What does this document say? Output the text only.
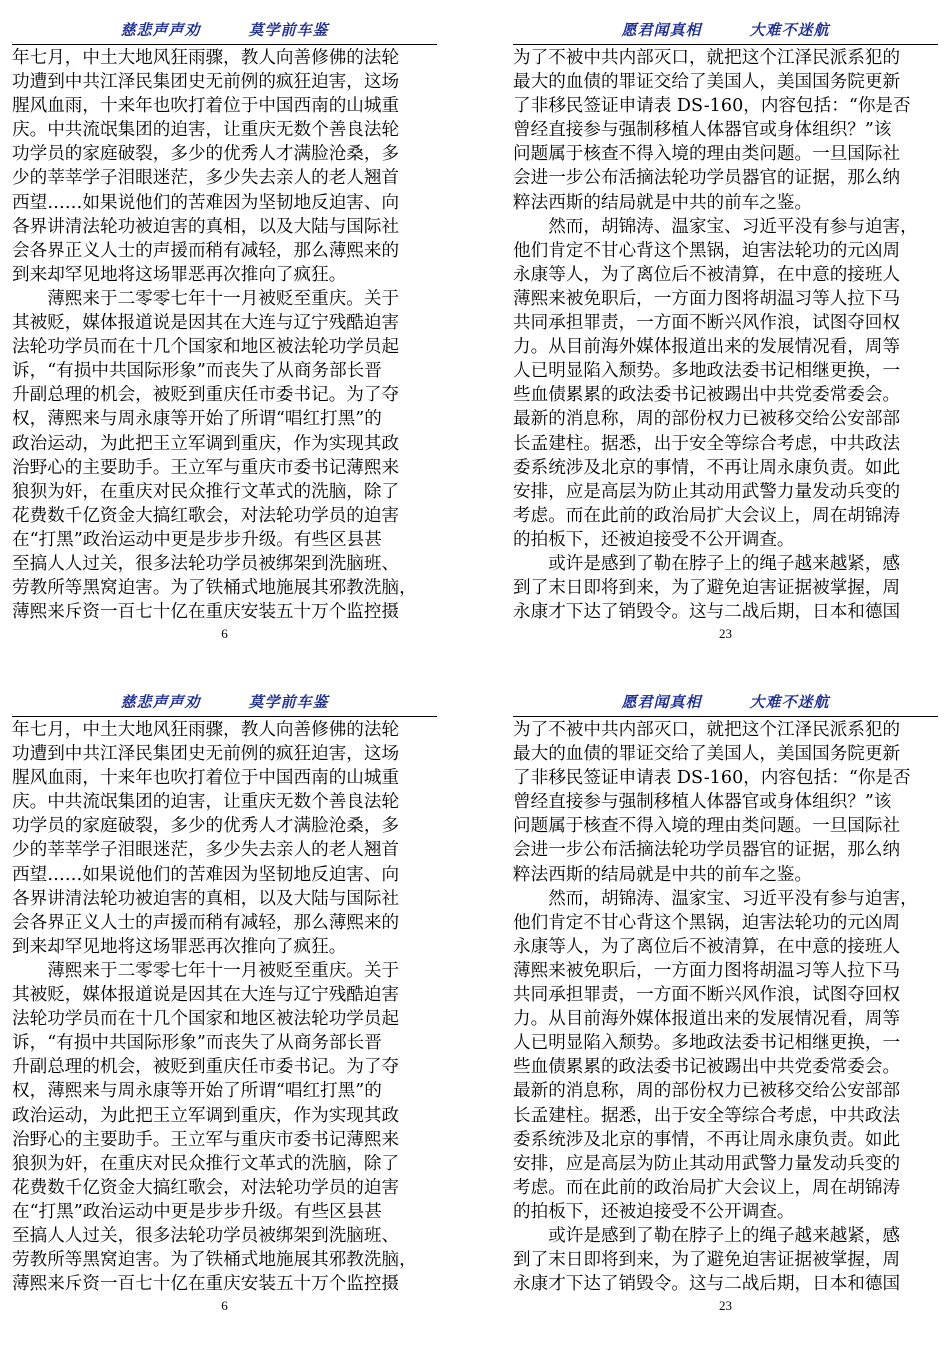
慈悲声声劝	莫学前车鉴
年七月，中土大地风狂雨骤，教人向善修佛的法轮
功遭到中共江泽民集团史无前例的疯狂迫害，这场
腥风血雨，十来年也吹打着位于中国西南的山城重
庆。中共流氓集团的迫害，让重庆无数个善良法轮
功学员的家庭破裂，多少的优秀人才满脸沧桑，多
少的莘莘学子泪眼迷茫，多少失去亲人的老人翘首
西望……如果说他们的苦难因为坚韧地反迫害、向
各界讲清法轮功被迫害的真相，以及大陆与国际社
会各界正义人士的声援而稍有减轻，那么薄熙来的
到来却罕见地将这场罪恶再次推向了疯狂。
　　薄熙来于二零零七年十一月被贬至重庆。关于
其被贬，媒体报道说是因其在大连与辽宁残酷迫害
法轮功学员而在十几个国家和地区被法轮功学员起
诉，“有损中共国际形象”而丧失了从商务部长晋
升副总理的机会，被贬到重庆任市委书记。为了夺
权，薄熙来与周永康等开始了所谓“唱红打黑”的
政治运动，为此把王立军调到重庆，作为实现其政
治野心的主要助手。王立军与重庆市委书记薄熙来
狼狈为奸，在重庆对民众推行文革式的洗脑，除了
花费数千亿资金大搞红歌会，对法轮功学员的迫害
在“打黑”政治运动中更是步步升级。有些区县甚
至搞人人过关，很多法轮功学员被绑架到洗脑班、
劳教所等黑窝迫害。为了铁桶式地施展其邪教洗脑，
薄熙来斥资一百七十亿在重庆安装五十万个监控摄
6
愿君闻真相	大难不迷航
为了不被中共内部灭口，就把这个江泽民派系犯的
最大的血债的罪证交给了美国人，美国国务院更新
了非移民签证申请表 DS-160，内容包括：“你是否
曾经直接参与强制移植人体器官或身体组织？”该
问题属于核查不得入境的理由类问题。一旦国际社
会进一步公布活摘法轮功学员器官的证据，那么纳
粹法西斯的结局就是中共的前车之鉴。
　　然而，胡锦涛、温家宝、习近平没有参与迫害，
他们肯定不甘心背这个黑锅，迫害法轮功的元凶周
永康等人，为了离位后不被清算，在中意的接班人
薄熙来被免职后，一方面力图将胡温习等人拉下马
共同承担罪责，一方面不断兴风作浪，试图夺回权
力。从目前海外媒体报道出来的发展情况看，周等
人已明显陷入颓势。多地政法委书记相继更换，一
些血债累累的政法委书记被踢出中共党委常委会。
最新的消息称，周的部份权力已被移交给公安部部
长孟建柱。据悉，出于安全等综合考虑，中共政法
委系统涉及北京的事情，不再让周永康负责。如此
安排，应是高层为防止其动用武警力量发动兵变的
考虑。而在此前的政治局扩大会议上，周在胡锦涛
的拍板下，还被迫接受不公开调查。
　　或许是感到了勒在脖子上的绳子越来越紧，感
到了末日即将到来，为了避免迫害证据被掌握，周
永康才下达了销毁令。这与二战后期，日本和德国
23
慈悲声声劝	莫学前车鉴
年七月，中土大地风狂雨骤，教人向善修佛的法轮
功遭到中共江泽民集团史无前例的疯狂迫害，这场
腥风血雨，十来年也吹打着位于中国西南的山城重
庆。中共流氓集团的迫害，让重庆无数个善良法轮
功学员的家庭破裂，多少的优秀人才满脸沧桑，多
少的莘莘学子泪眼迷茫，多少失去亲人的老人翘首
西望……如果说他们的苦难因为坚韧地反迫害、向
各界讲清法轮功被迫害的真相，以及大陆与国际社
会各界正义人士的声援而稍有减轻，那么薄熙来的
到来却罕见地将这场罪恶再次推向了疯狂。
　　薄熙来于二零零七年十一月被贬至重庆。关于
其被贬，媒体报道说是因其在大连与辽宁残酷迫害
法轮功学员而在十几个国家和地区被法轮功学员起
诉，“有损中共国际形象”而丧失了从商务部长晋
升副总理的机会，被贬到重庆任市委书记。为了夺
权，薄熙来与周永康等开始了所谓“唱红打黑”的
政治运动，为此把王立军调到重庆，作为实现其政
治野心的主要助手。王立军与重庆市委书记薄熙来
狼狈为奸，在重庆对民众推行文革式的洗脑，除了
花费数千亿资金大搞红歌会，对法轮功学员的迫害
在“打黑”政治运动中更是步步升级。有些区县甚
至搞人人过关，很多法轮功学员被绑架到洗脑班、
劳教所等黑窝迫害。为了铁桶式地施展其邪教洗脑，
薄熙来斥资一百七十亿在重庆安装五十万个监控摄
6
愿君闻真相	大难不迷航
为了不被中共内部灭口，就把这个江泽民派系犯的
最大的血债的罪证交给了美国人，美国国务院更新
了非移民签证申请表 DS-160，内容包括：“你是否
曾经直接参与强制移植人体器官或身体组织？”该
问题属于核查不得入境的理由类问题。一旦国际社
会进一步公布活摘法轮功学员器官的证据，那么纳
粹法西斯的结局就是中共的前车之鉴。
　　然而，胡锦涛、温家宝、习近平没有参与迫害，
他们肯定不甘心背这个黑锅，迫害法轮功的元凶周
永康等人，为了离位后不被清算，在中意的接班人
薄熙来被免职后，一方面力图将胡温习等人拉下马
共同承担罪责，一方面不断兴风作浪，试图夺回权
力。从目前海外媒体报道出来的发展情况看，周等
人已明显陷入颓势。多地政法委书记相继更换，一
些血债累累的政法委书记被踢出中共党委常委会。
最新的消息称，周的部份权力已被移交给公安部部
长孟建柱。据悉，出于安全等综合考虑，中共政法
委系统涉及北京的事情，不再让周永康负责。如此
安排，应是高层为防止其动用武警力量发动兵变的
考虑。而在此前的政治局扩大会议上，周在胡锦涛
的拍板下，还被迫接受不公开调查。
　　或许是感到了勒在脖子上的绳子越来越紧，感
到了末日即将到来，为了避免迫害证据被掌握，周
永康才下达了销毁令。这与二战后期，日本和德国
23
